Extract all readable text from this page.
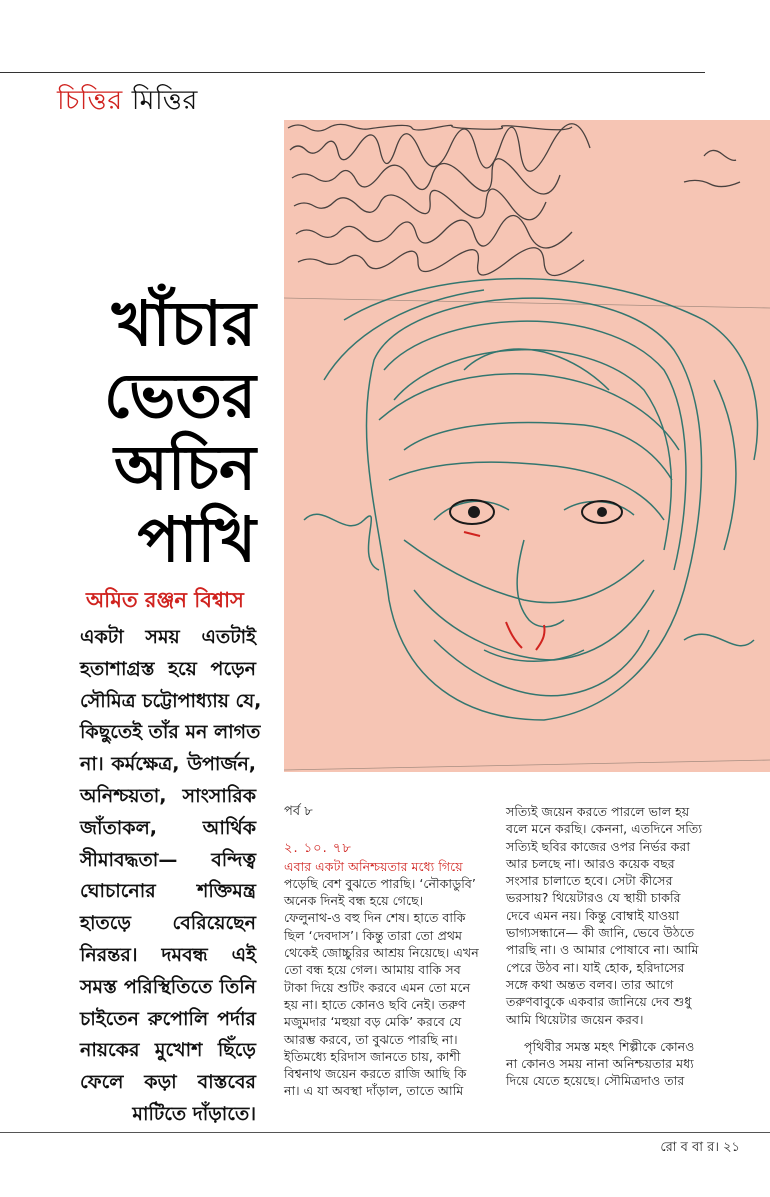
চিত্তির মিত্তির
খাঁচার
ভেতর
অচিন
পাখি
অমিত রঞ্জন বিশ্বাস
একটা সময় এতটাই
হতাশাগ্রস্ত হয়ে পড়েন
সৌমিত্র চট্টোপাধ্যায় যে,
কিছুতেই তাঁর মন লাগত
না। কর্মক্ষেত্র, উপার্জন,
অনিশ্চয়তা, সাংসারিক
জাঁতাকল, আর্থিক
সীমাবদ্ধতা— বন্দিত্ব
ঘোচানোর শক্তিমন্ত্র
হাতড়ে বেরিয়েছেন
নিরন্তর। দমবন্ধ এই
সমস্ত পরিস্থিতিতে তিনি
চাইতেন রুপোলি পর্দার
নায়কের মুখোশ ছিঁড়ে
ফেলে কড়া বাস্তবের
মাটিতে দাঁড়াতে।
পর্ব ৮
২. ১০. ৭৮
এবার একটা অনিশ্চয়তার মধ্যে গিয়ে
পড়েছি বেশ বুঝতে পারছি। ‘নৌকাডুবি’
অনেক দিনই বন্ধ হয়ে গেছে।
ফেলুনাথ-ও বহু দিন শেষ। হাতে বাকি
ছিল ‘দেবদাস’। কিন্তু তারা তো প্রথম
থেকেই জোচ্চুরির আশ্রয় নিয়েছে। এখন
তো বন্ধ হয়ে গেল। আমায় বাকি সব
টাকা দিয়ে শুটিং করবে এমন তো মনে
হয় না। হাতে কোনও ছবি নেই। তরুণ
মজুমদার ‘মহুয়া বড় মেকি’ করবে যে
আরম্ভ করবে, তা বুঝতে পারছি না।
ইতিমধ্যে হরিদাস জানতে চায়, কাশী
বিশ্বনাথ জয়েন করতে রাজি আছি কি
না। এ যা অবস্থা দাঁড়াল, তাতে আমি
সত্যিই জয়েন করতে পারলে ভাল হয়
বলে মনে করছি। কেননা, এতদিনে সত্যি
সত্যিই ছবির কাজের ওপর নির্ভর করা
আর চলছে না। আরও কয়েক বছর
সংসার চালাতে হবে। সেটা কীসের
ভরসায়? থিয়েটারও যে স্থায়ী চাকরি
দেবে এমন নয়। কিন্তু বোম্বাই যাওয়া
ভাগ্যসন্ধানে— কী জানি, ভেবে উঠতে
পারছি না। ও আমার পোষাবে না। আমি
পেরে উঠব না। যাই হোক, হরিদাসের
সঙ্গে কথা অন্তত বলব। তার আগে
তরুণবাবুকে একবার জানিয়ে দেব শুধু
আমি থিয়েটার জয়েন করব।
পৃথিবীর সমস্ত মহৎ শিল্পীকে কোনও
না কোনও সময় নানা অনিশ্চয়তার মধ্য
দিয়ে যেতে হয়েছে। সৌমিত্রদাও তার
রো ব বা র। ২১
